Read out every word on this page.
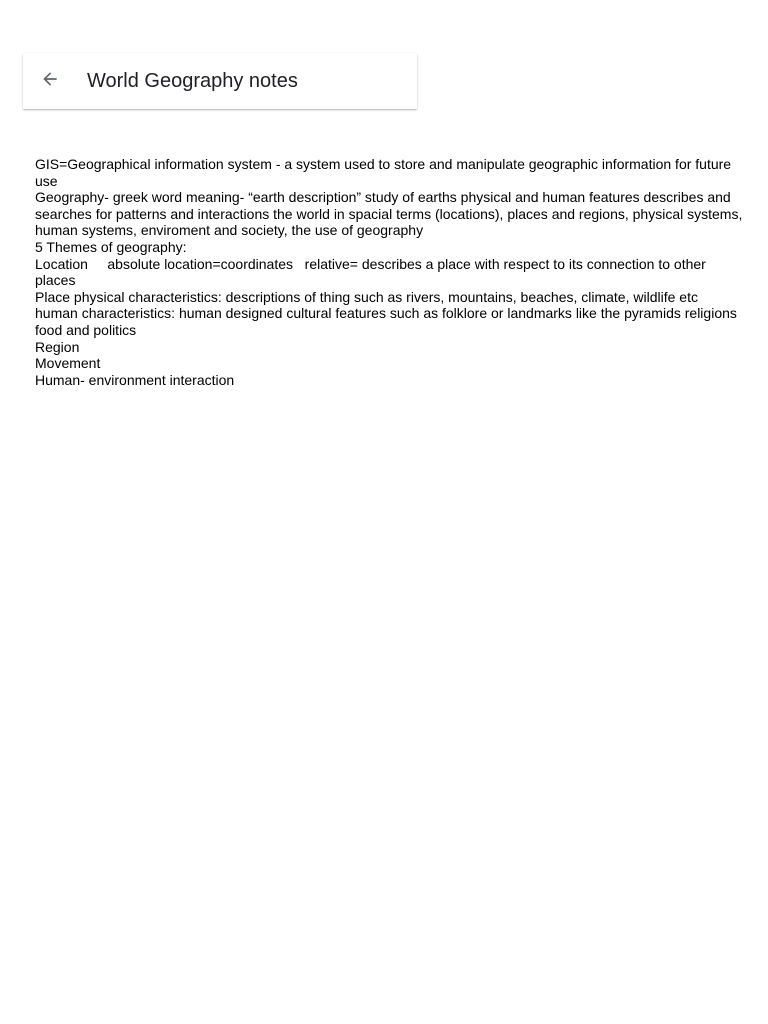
World Geography notes

GIS=Geographical information system - a system used to store and manipulate geographic information for future use

Geography- greek word meaning- “earth description” study of earths physical and human features describes and searches for patterns and interactions the world in spacial terms (locations), places and regions, physical systems, human systems, enviroment and society, the use of geography

5 Themes of geography:

Location     absolute location=coordinates   relative= describes a place with respect to its connection to other places

Place physical characteristics: descriptions of thing such as rivers, mountains, beaches, climate, wildlife etc   human characteristics: human designed cultural features such as folklore or landmarks like the pyramids religions food and politics

Region

Movement

Human- environment interaction
